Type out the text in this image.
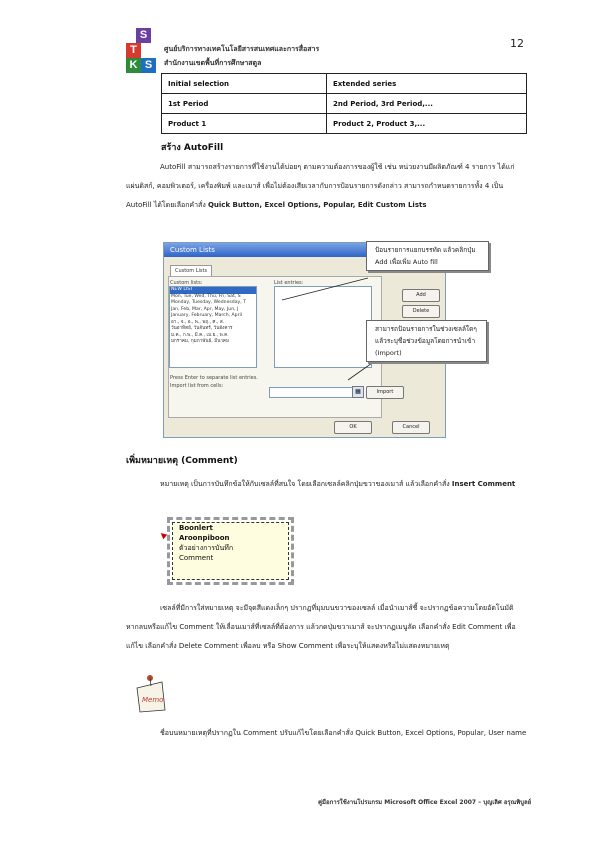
S
T
K S
ศูนย์บริการทางเทคโนโลยีสารสนเทศและการสื่อสาร
สำนักงานเขตพื้นที่การศึกษาสตูล
12
Initial selection	Extended series
1st Period	2nd Period, 3rd Period,...
Product 1	Product 2, Product 3,...
สร้าง AutoFill
AutoFill สามารถสร้างรายการที่ใช้งานได้บ่อยๆ ตามความต้องการของผู้ใช้ เช่น หน่วยงานมีผลิตภัณฑ์ 4 รายการ ได้แก่ แผ่นดิสก์, คอมพิวเตอร์, เครื่องพิมพ์ และเมาส์ เพื่อไม่ต้องเสียเวลากับการป้อนรายการดังกล่าว สามารถกำหนดรายการทั้ง 4 เป็น AutoFill ได้โดยเลือกคำสั่ง Quick Button, Excel Options, Popular, Edit Custom Lists
Custom Lists
Custom Lists
Custom lists:	List entries:
NEW LIST
Mon, Tue, Wed, Thu, Fri, Sat, S
Monday, Tuesday, Wednesday, T
Jan, Feb, Mar, Apr, May, Jun, J
January, February, March, April
อา., จ., อ., พ., พฤ., ศ., ส.
วันอาทิตย์, วันจันทร์, วันอังคาร
ม.ค., ก.พ., มี.ค., เม.ย., พ.ค.
มกราคม, กุมภาพันธ์, มีนาคม
Add
Delete
Press Enter to separate list entries.
Import list from cells:
▦	Import
OK	Cancel
ป้อนรายการแยกบรรทัด แล้วคลิกปุ่ม Add เพื่อเพิ่ม Auto fill
สามารถป้อนรายการในช่วงเซลล์ใดๆ แล้วระบุชื่อช่วงข้อมูลโดยการนำเข้า (Import)
เพิ่มหมายเหตุ (Comment)
หมายเหตุ เป็นการบันทึกข้อให้กับเซลล์ที่สนใจ โดยเลือกเซลล์คลิกปุ่มขวาของเมาส์ แล้วเลือกคำสั่ง Insert Comment
Boonlert
Aroonpiboon
ตัวอย่างการบันทึก
Comment
เซลล์ที่มีการใส่หมายเหตุ จะมีจุดสีแดงเล็กๆ ปรากฏที่มุมบนขวาของเซลล์ เมื่อนำเมาส์ชี้ จะปรากฏข้อความโดยอัตโนมัติ หากลบหรือแก้ไข Comment ให้เลื่อนเมาส์ที่เซลล์ที่ต้องการ แล้วกดปุ่มขวาเมาส์ จะปรากฏเมนูลัด เลือกคำสั่ง Edit Comment เพื่อแก้ไข เลือกคำสั่ง Delete Comment เพื่อลบ หรือ Show Comment เพื่อระบุให้แสดงหรือไม่แสดงหมายเหตุ
Memo
ชื่อบนหมายเหตุที่ปรากฏใน Comment ปรับแก้ไขโดยเลือกคำสั่ง Quick Button, Excel Options, Popular, User name
คู่มือการใช้งานโปรแกรม Microsoft Office Excel 2007 – บุญเลิศ อรุณพิบูลย์
